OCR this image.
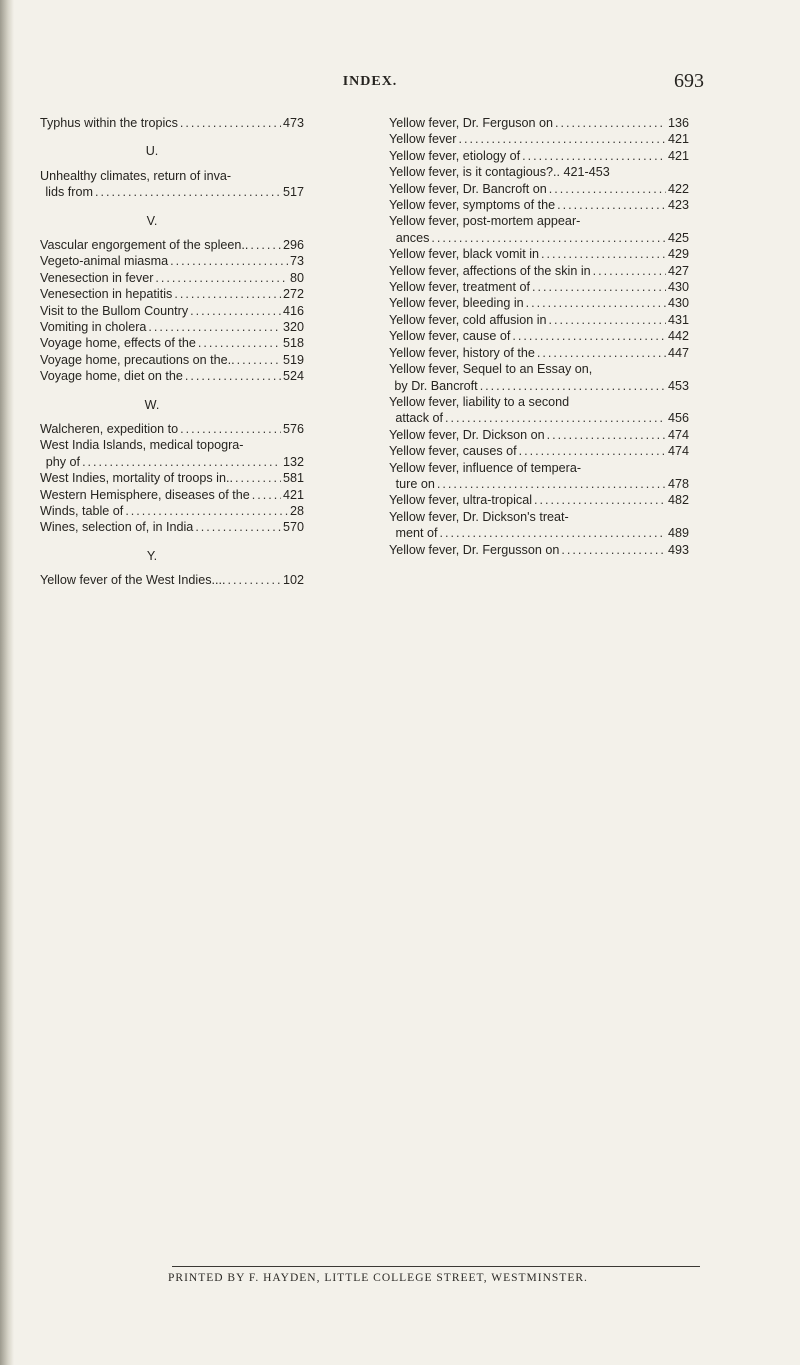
INDEX.	693
Typhus within the tropics .....	473
U.
Unhealthy climates, return of inva-
lids from .....	517
V.
Vascular engorgement of the spleen.. .....	296
Vegeto-animal miasma .....	73
Venesection in fever .....	80
Venesection in hepatitis .....	272
Visit to the Bullom Country .....	416
Vomiting in cholera .....	320
Voyage home, effects of the .....	518
Voyage home, precautions on the.. .....	519
Voyage home, diet on the .....	524
W.
Walcheren, expedition to .....	576
West India Islands, medical topogra-
phy of .....	132
West Indies, mortality of troops in.. .....	581
Western Hemisphere, diseases of the .....	421
Winds, table of .....	28
Wines, selection of, in India .....	570
Y.
Yellow fever of the West Indies.... .....	102
Yellow fever, Dr. Ferguson on .....	136
Yellow fever .....	421
Yellow fever, etiology of .....	421
Yellow fever, is it contagious?.. 421-453
Yellow fever, Dr. Bancroft on .....	422
Yellow fever, symptoms of the .....	423
Yellow fever, post-mortem appear-
ances .....	425
Yellow fever, black vomit in .....	429
Yellow fever, affections of the skin in .....	427
Yellow fever, treatment of .....	430
Yellow fever, bleeding in .....	430
Yellow fever, cold affusion in .....	431
Yellow fever, cause of .....	442
Yellow fever, history of the .....	447
Yellow fever, Sequel to an Essay on,
by Dr. Bancroft .....	453
Yellow fever, liability to a second
attack of .....	456
Yellow fever, Dr. Dickson on .....	474
Yellow fever, causes of .....	474
Yellow fever, influence of tempera-
ture on .....	478
Yellow fever, ultra-tropical .....	482
Yellow fever, Dr. Dickson's treat-
ment of .....	489
Yellow fever, Dr. Fergusson on .....	493
PRINTED BY F. HAYDEN, LITTLE COLLEGE STREET, WESTMINSTER.
